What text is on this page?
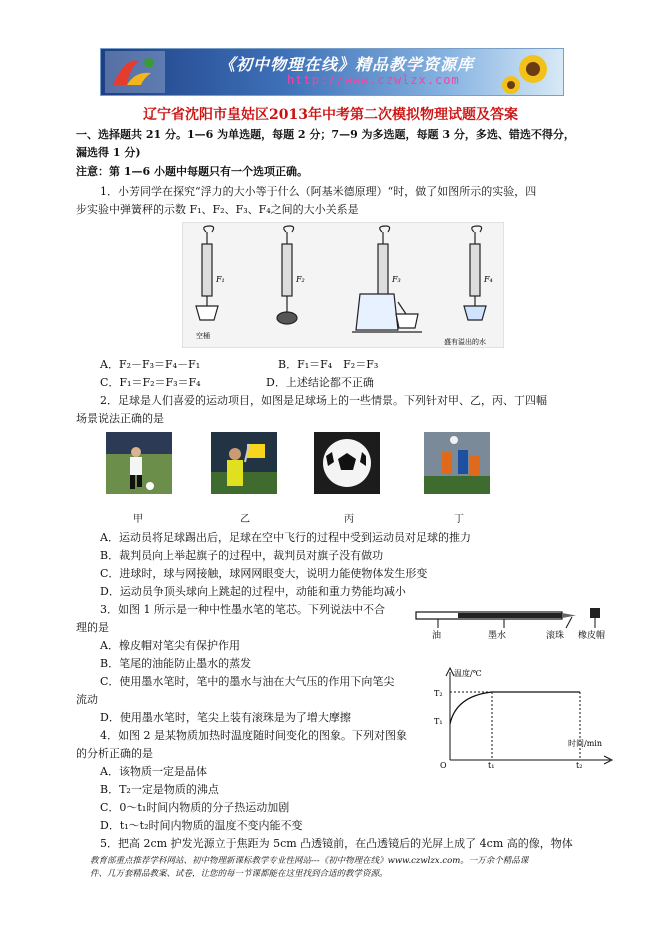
《初中物理在线》精品教学资源库
http://www.czwlzx.com
辽宁省沈阳市皇姑区2013年中考第二次模拟物理试题及答案
一、选择题共 21 分。1—6 为单选题，每题 2 分；7—9 为多选题，每题 3 分，多选、错选不得分，
漏选得 1 分)
注意：第 1—6 小题中每题只有一个选项正确。
1．小芳同学在探究“浮力的大小等于什么（阿基米德原理）“时，做了如图所示的实验，四
步实验中弹簧秤的示数 F₁、F₂、F₃、F₄之间的大小关系是
F₁	F₂	F₃	F₄
空桶
盛有溢出的水
A．F₂－F₃＝F₄－F₁	B．F₁＝F₄　F₂＝F₃
C．F₁＝F₂＝F₃＝F₄	D．上述结论都不正确
2．足球是人们喜爱的运动项目，如图是足球场上的一些情景。下列针对甲、乙，丙、丁四幅
场景说法正确的是
甲	乙	丙	丁
A．运动员将足球踢出后，足球在空中飞行的过程中受到运动员对足球的推力
B．裁判员向上举起旗子的过程中，裁判员对旗子没有做功
C．进球时，球与网接触，球网网眼变大，说明力能使物体发生形变
D．运动员争顶头球向上跳起的过程中，动能和重力势能均减小
3．如图 1 所示是一种中性墨水笔的笔芯。下列说法中不合
理的是
油	墨水	滚珠 橡皮帽
A．橡皮帽对笔尖有保护作用
B．笔尾的油能防止墨水的蒸发
C．使用墨水笔时，笔中的墨水与油在大气压的作用下向笔尖
流动
D．使用墨水笔时，笔尖上装有滚珠是为了增大摩擦
4．如图 2 是某物质加热时温度随时间变化的图象。下列对图象
的分析正确的是
温度/℃
时间/min
O
T₂
T₁
t₁	t₂
A．该物质一定是晶体
B．T₂一定是物质的沸点
C．0～t₁时间内物质的分子热运动加剧
D．t₁～t₂时间内物质的温度不变内能不变
5．把高 2cm 护发光源立于焦距为 5cm 凸透镜前，在凸透镜后的光屏上成了 4cm 高的像，物体
教育部重点推荐学科网站、初中物理新课标教学专业性网站---《初中物理在线》www.czwlzx.com。一万余个精品课
件、几万套精品教案、试卷，让您的每一节课都能在这里找到合适的教学资源。
